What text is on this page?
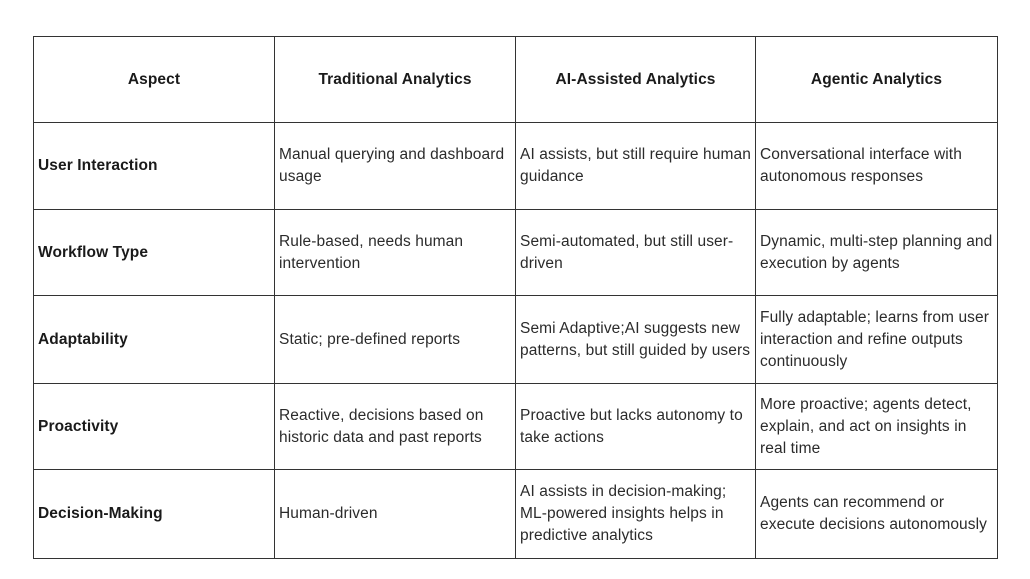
Aspect	Traditional Analytics	AI-Assisted Analytics	Agentic Analytics
User Interaction	Manual querying and dashboard usage	AI assists, but still require human guidance	Conversational interface with autonomous responses
Workflow Type	Rule-based, needs human intervention	Semi-automated, but still user-driven	Dynamic, multi-step planning and execution by agents
Adaptability	Static; pre-defined reports	Semi Adaptive;AI suggests new patterns, but still guided by users	Fully adaptable; learns from user interaction and refine outputs continuously
Proactivity	Reactive, decisions based on historic data and past reports	Proactive but lacks autonomy to take actions	More proactive; agents detect, explain, and act on insights in real time
Decision-Making	Human-driven	AI assists in decision-making; ML-powered insights helps in predictive analytics	Agents can recommend or execute decisions autonomously
